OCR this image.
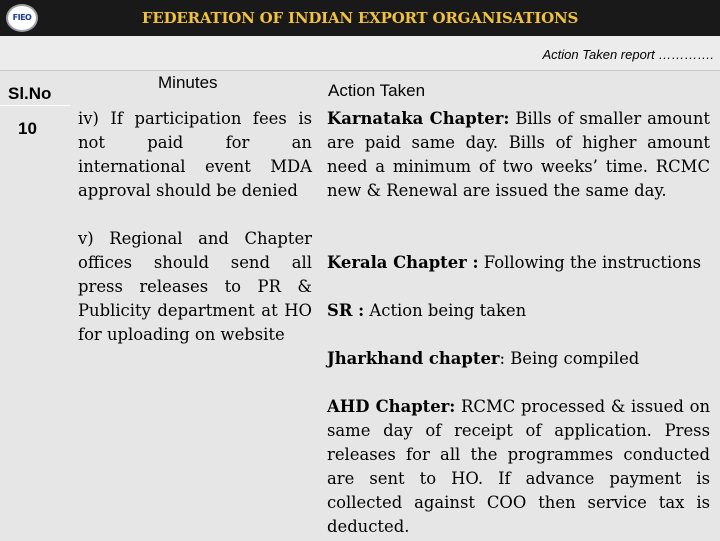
FIEO	FEDERATION OF INDIAN EXPORT ORGANISATIONS
Action Taken report ………….
Sl.No
10
Minutes	Action Taken

iv) If participation fees is not paid for an international event MDA approval should be denied

v) Regional and Chapter offices should send all press releases to PR & Publicity department at HO for uploading on website

Karnataka Chapter: Bills of smaller amount are paid same day. Bills of higher amount need a minimum of two weeks’ time. RCMC new & Renewal are issued the same day.

Kerala Chapter : Following the instructions

SR : Action being taken

Jharkhand chapter: Being compiled

AHD Chapter: RCMC processed & issued on same day of receipt of application. Press releases for all the programmes conducted are sent to HO. If advance payment is collected against COO then service tax is deducted.
